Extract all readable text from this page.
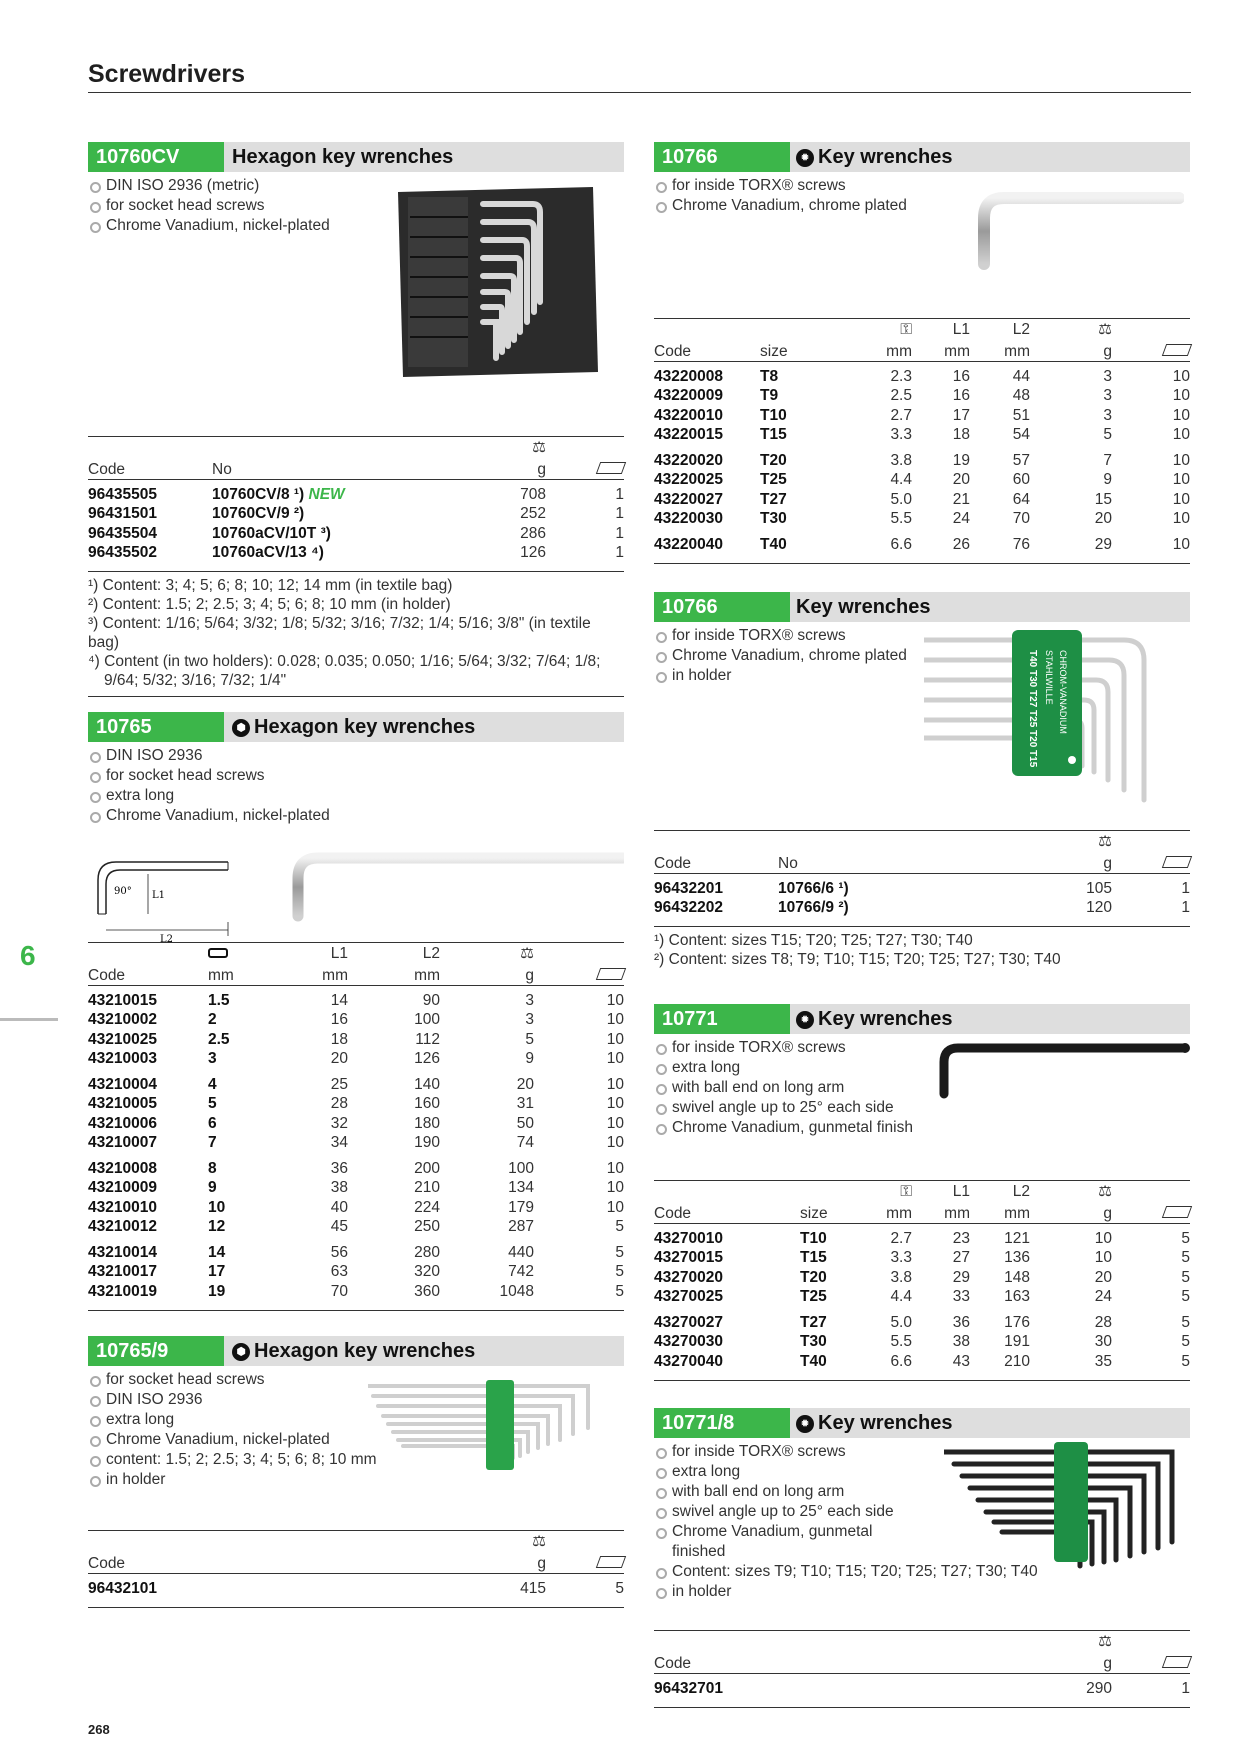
Screwdrivers
6
268
10760CV	Hexagon key wrenches
DIN ISO 2936 (metric)
for socket head screws
Chrome Vanadium, nickel-plated
		⚖	
Code	No	g	

96435505	10760CV/8 ¹) NEW	708	1
96431501	10760CV/9 ²)	252	1
96435504	10760aCV/10T ³)	286	1
96435502	10760aCV/13 ⁴)	126	1
¹) Content: 3; 4; 5; 6; 8; 10; 12; 14 mm (in textile bag)
²) Content: 1.5; 2; 2.5; 3; 4; 5; 6; 8; 10 mm (in holder)
³) Content: 1/16; 5/64; 3/32; 1/8; 5/32; 3/16; 7/32; 1/4; 5/16; 3/8" (in textile bag)
⁴) Content (in two holders): 0.028; 0.035; 0.050; 1/16; 5/64; 3/32; 7/64; 1/8;
9/64; 5/32; 3/16; 7/32; 1/4"
10765	⬢ Hexagon key wrenches
DIN ISO 2936
for socket head screws
extra long
Chrome Vanadium, nickel-plated
90° L1
L2
		L1	L2	⚖	
Code	mm	mm	mm	g	

43210015	1.5	14	90	3	10
43210002	2	16	100	3	10
43210025	2.5	18	112	5	10
43210003	3	20	126	9	10

43210004	4	25	140	20	10
43210005	5	28	160	31	10
43210006	6	32	180	50	10
43210007	7	34	190	74	10

43210008	8	36	200	100	10
43210009	9	38	210	134	10
43210010	10	40	224	179	10
43210012	12	45	250	287	5

43210014	14	56	280	440	5
43210017	17	63	320	742	5
43210019	19	70	360	1048	5
10765/9	⬢ Hexagon key wrenches
for socket head screws
DIN ISO 2936
extra long
Chrome Vanadium, nickel-plated
content: 1.5; 2; 2.5; 3; 4; 5; 6; 8; 10 mm
in holder
	⚖	
Code	g	

96432101	415	5
10766	✹ Key wrenches
for inside TORX® screws
Chrome Vanadium, chrome plated
		⚿	L1	L2	⚖	
Code	size	mm	mm	mm	g	

43220008	T8	2.3	16	44	3	10
43220009	T9	2.5	16	48	3	10
43220010	T10	2.7	17	51	3	10
43220015	T15	3.3	18	54	5	10

43220020	T20	3.8	19	57	7	10
43220025	T25	4.4	20	60	9	10
43220027	T27	5.0	21	64	15	10
43220030	T30	5.5	24	70	20	10

43220040	T40	6.6	26	76	29	10
10766	Key wrenches
for inside TORX® screws
Chrome Vanadium, chrome plated
in holder	T40 T30 T27 T25 T20 T15 STAHLWILLE CHROM-VANADIUM
		⚖	
Code	No	g	

96432201	10766/6 ¹)	105	1
96432202	10766/9 ²)	120	1
¹) Content: sizes T15; T20; T25; T27; T30; T40
²) Content: sizes T8; T9; T10; T15; T20; T25; T27; T30; T40
10771	✹ Key wrenches
for inside TORX® screws
extra long
with ball end on long arm
swivel angle up to 25° each side
Chrome Vanadium, gunmetal finish
		⚿	L1	L2	⚖	
Code	size	mm	mm	mm	g	

43270010	T10	2.7	23	121	10	5
43270015	T15	3.3	27	136	10	5
43270020	T20	3.8	29	148	20	5
43270025	T25	4.4	33	163	24	5

43270027	T27	5.0	36	176	28	5
43270030	T30	5.5	38	191	30	5
43270040	T40	6.6	43	210	35	5
10771/8	✹ Key wrenches
for inside TORX® screws
extra long
with ball end on long arm
swivel angle up to 25° each side
Chrome Vanadium, gunmetal finished
Content: sizes T9; T10; T15; T20; T25; T27; T30; T40
in holder
	⚖	
Code	g	

96432701	290	1
